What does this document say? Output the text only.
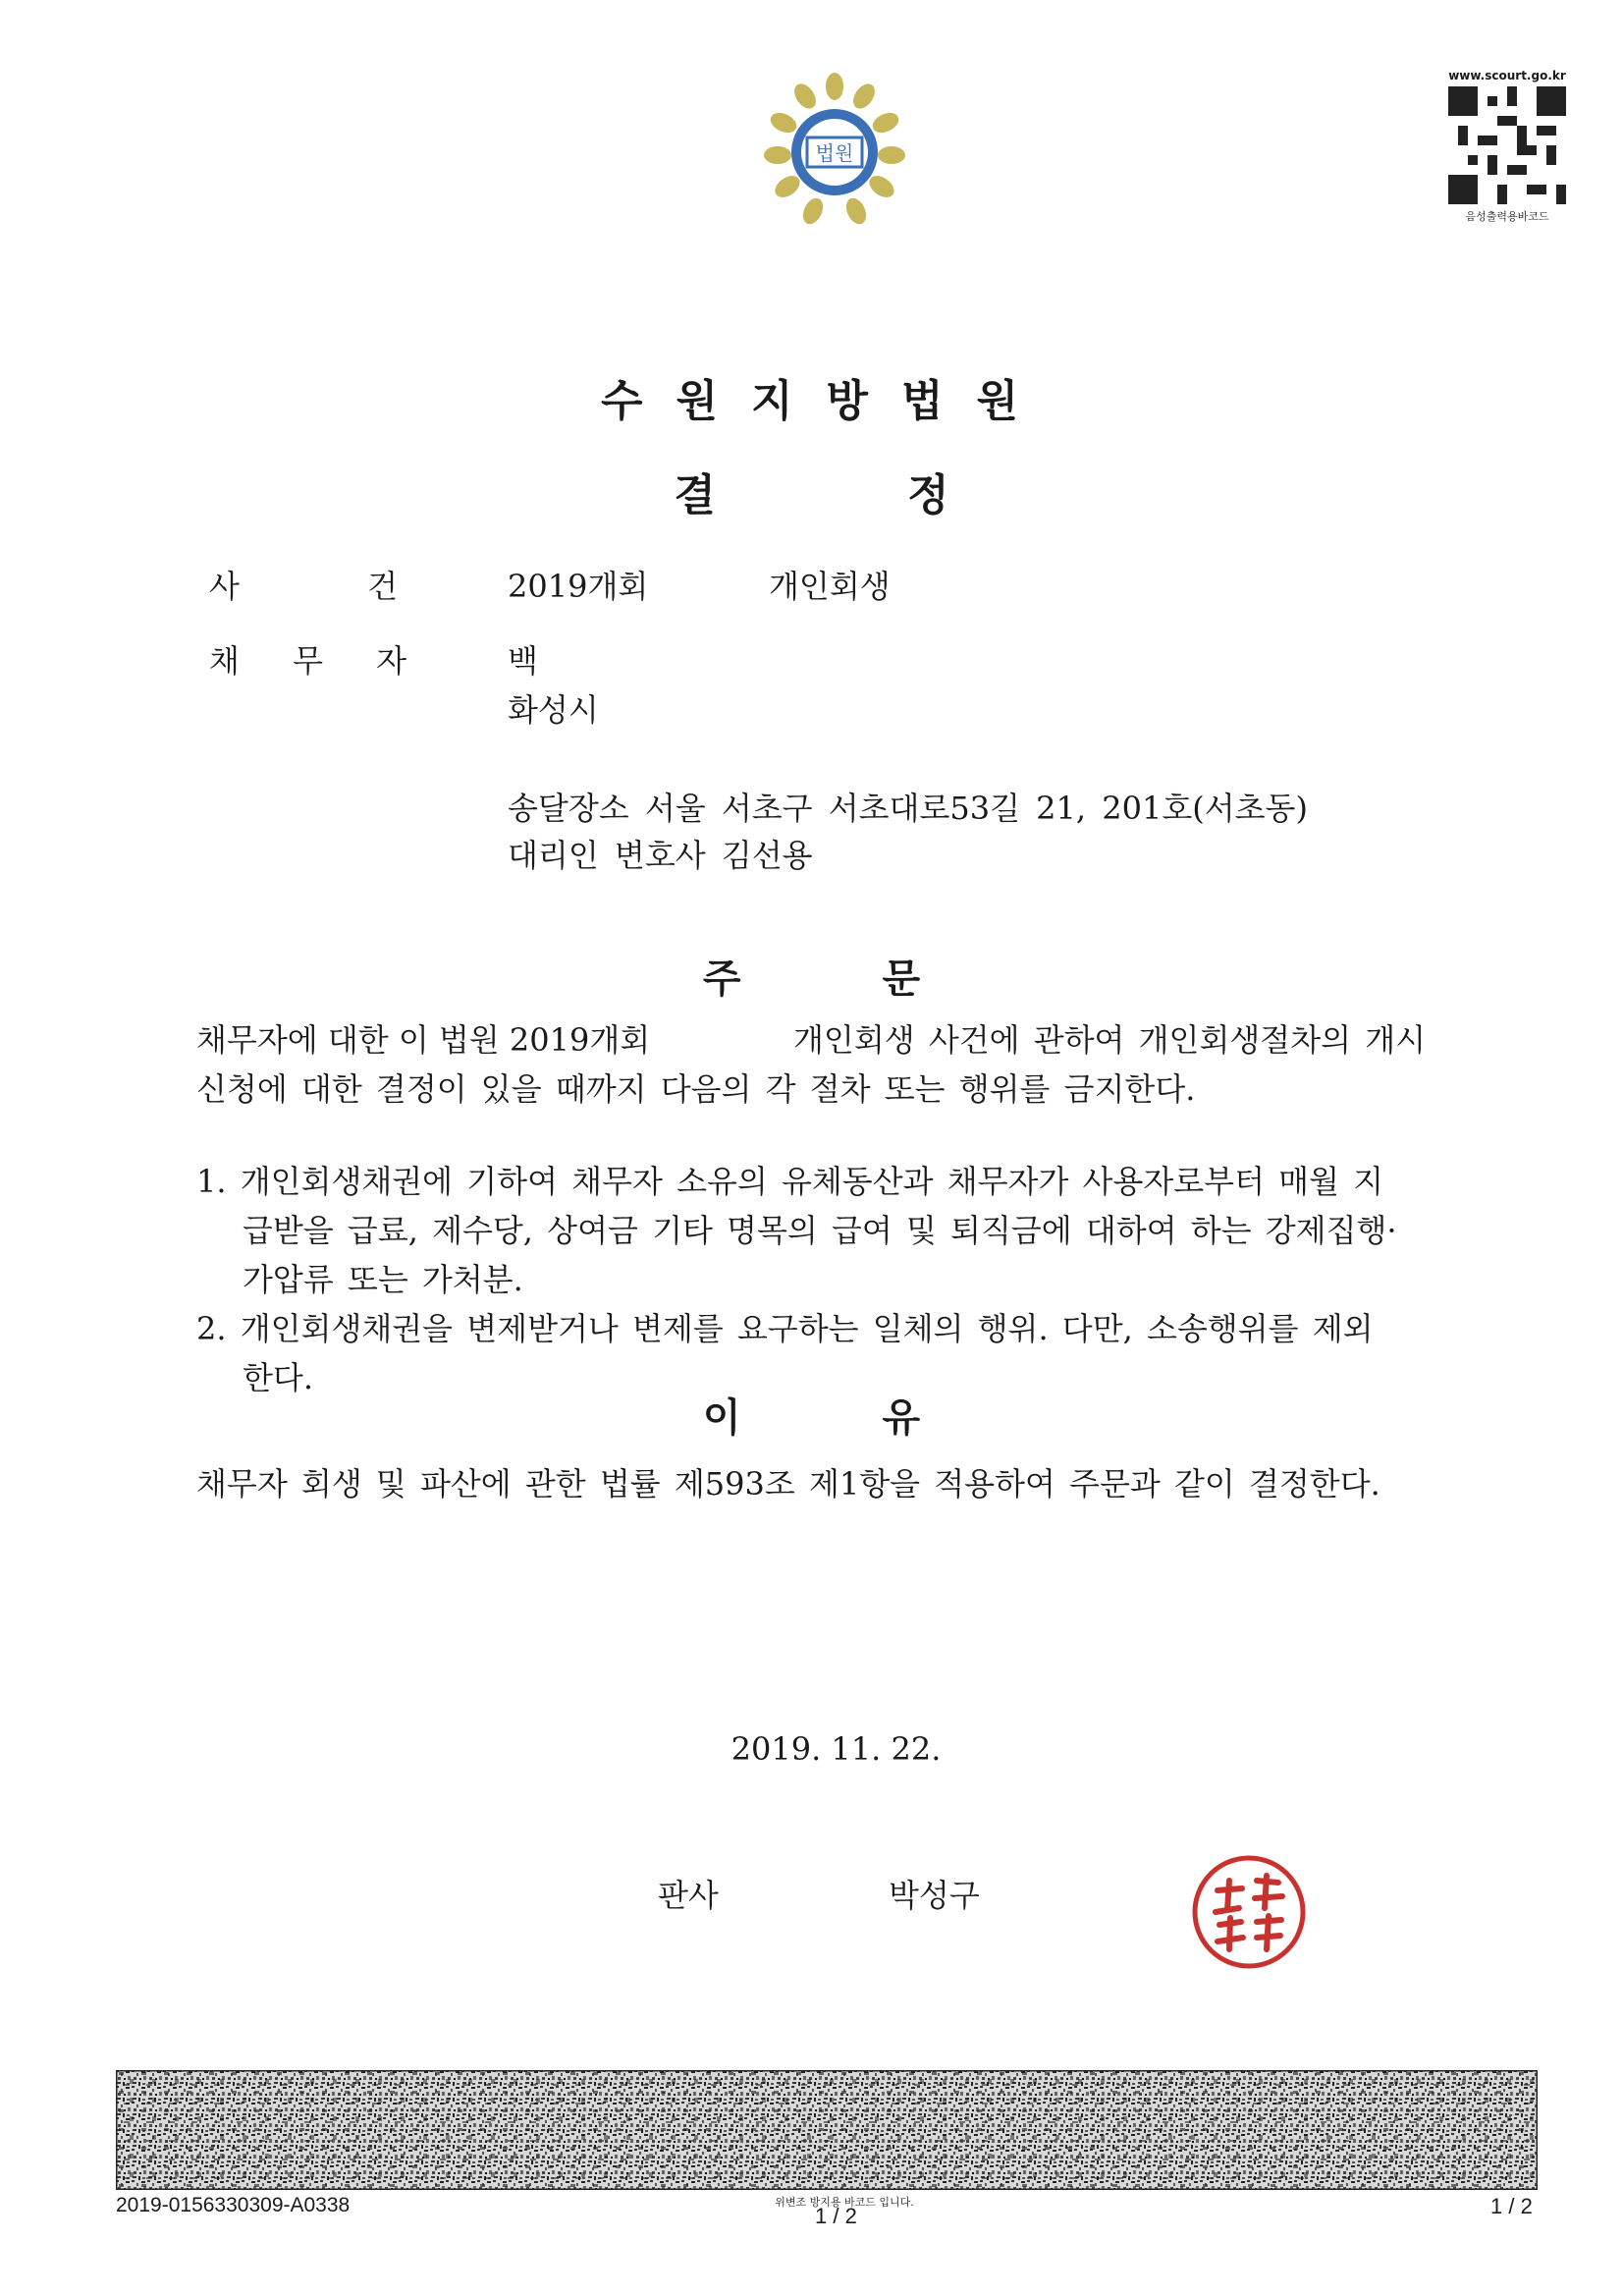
법원
www.scourt.go.kr
음성출력용바코드
수원지방법원
결 정
사 건	2019개회	개인회생
채 무 자	백
화성시
송달장소 서울 서초구 서초대로53길 21, 201호(서초동)
대리인 변호사 김선용
주 문
채무자에 대한 이 법원 2019개회	개인회생 사건에 관하여 개인회생절차의 개시
신청에 대한 결정이 있을 때까지 다음의 각 절차 또는 행위를 금지한다.
1. 개인회생채권에 기하여 채무자 소유의 유체동산과 채무자가 사용자로부터 매월 지
급받을 급료, 제수당, 상여금 기타 명목의 급여 및 퇴직금에 대하여 하는 강제집행·
가압류 또는 가처분.
2. 개인회생채권을 변제받거나 변제를 요구하는 일체의 행위. 다만, 소송행위를 제외
한다.
이 유
채무자 회생 및 파산에 관한 법률 제593조 제1항을 적용하여 주문과 같이 결정한다.
2019. 11. 22.
판사	박성구
2019-0156330309-A0338	위변조 방지용 바코드 입니다.
1 / 2	1 / 2
